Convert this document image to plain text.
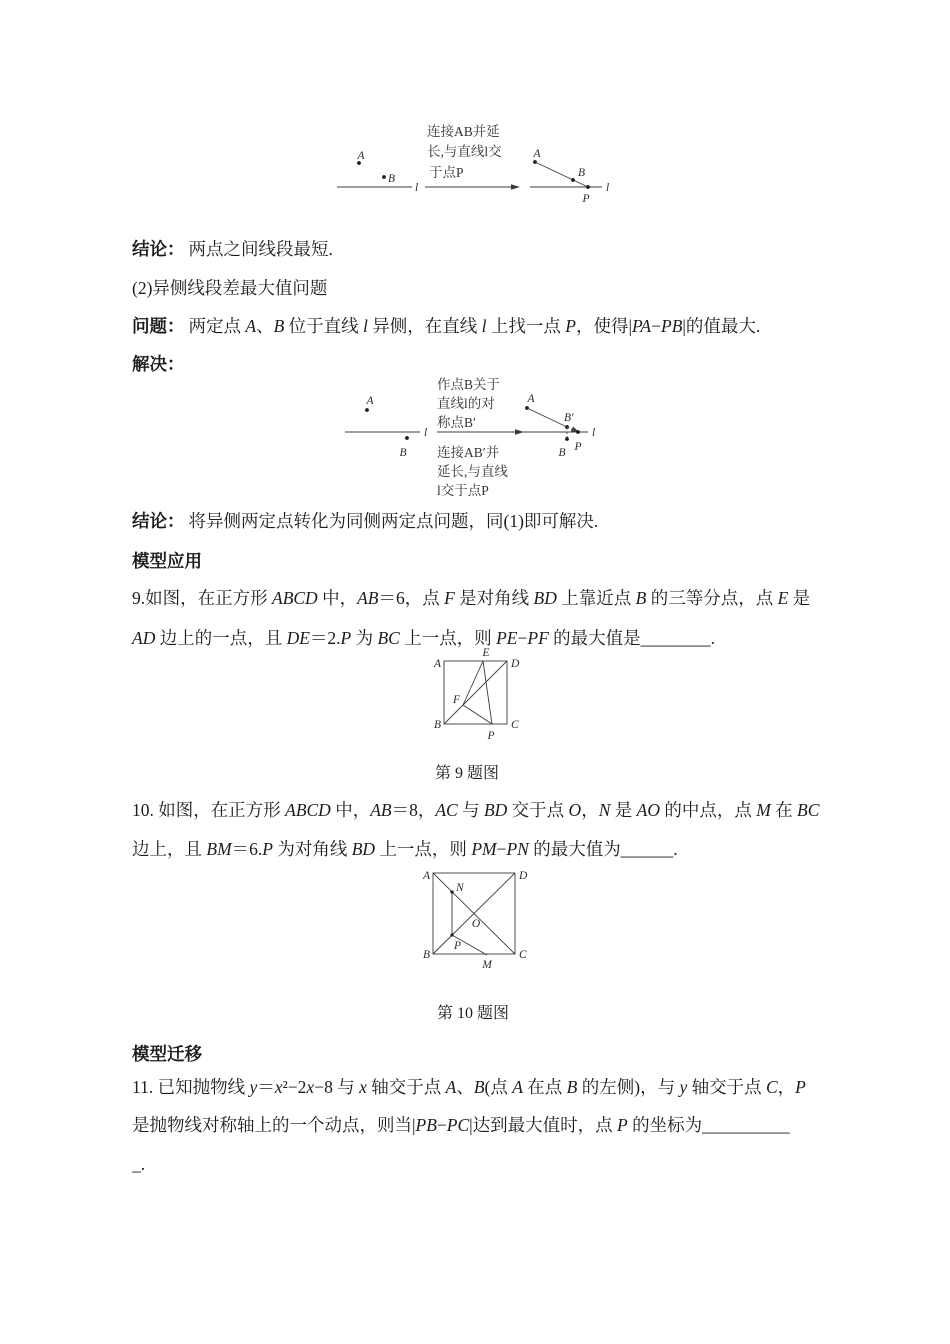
A
B
l
连接AB并延
长,与直线l交
于点P
A
B
P
l
结论： 两点之间线段最短.
(2)异侧线段差最大值问题
问题： 两定点 A、B 位于直线 l 异侧，在直线 l 上找一点 P，使得|PA−PB|的值最大.
解决：
A
l
B
作点B关于
直线l的对
称点B′
连接AB′并
延长,与直线
l交于点P
A
B′
l
B P
结论： 将异侧两定点转化为同侧两定点问题，同(1)即可解决.
模型应用
9.如图，在正方形 ABCD 中，AB＝6，点 F 是对角线 BD 上靠近点 B 的三等分点，点 E 是
AD 边上的一点，且 DE＝2.P 为 BC 上一点，则 PE−PF 的最大值是________.
A	D
B	C
E
F
P
第 9 题图
10. 如图，在正方形 ABCD 中，AB＝8，AC 与 BD 交于点 O，N 是 AO 的中点，点 M 在 BC
边上，且 BM＝6.P 为对角线 BD 上一点，则 PM−PN 的最大值为______.
A	D
B	C
N
O
P
M
第 10 题图
模型迁移
11. 已知抛物线 y＝x²−2x−8 与 x 轴交于点 A、B(点 A 在点 B 的左侧)，与 y 轴交于点 C，P
是抛物线对称轴上的一个动点，则当|PB−PC|达到最大值时，点 P 的坐标为__________
_.
